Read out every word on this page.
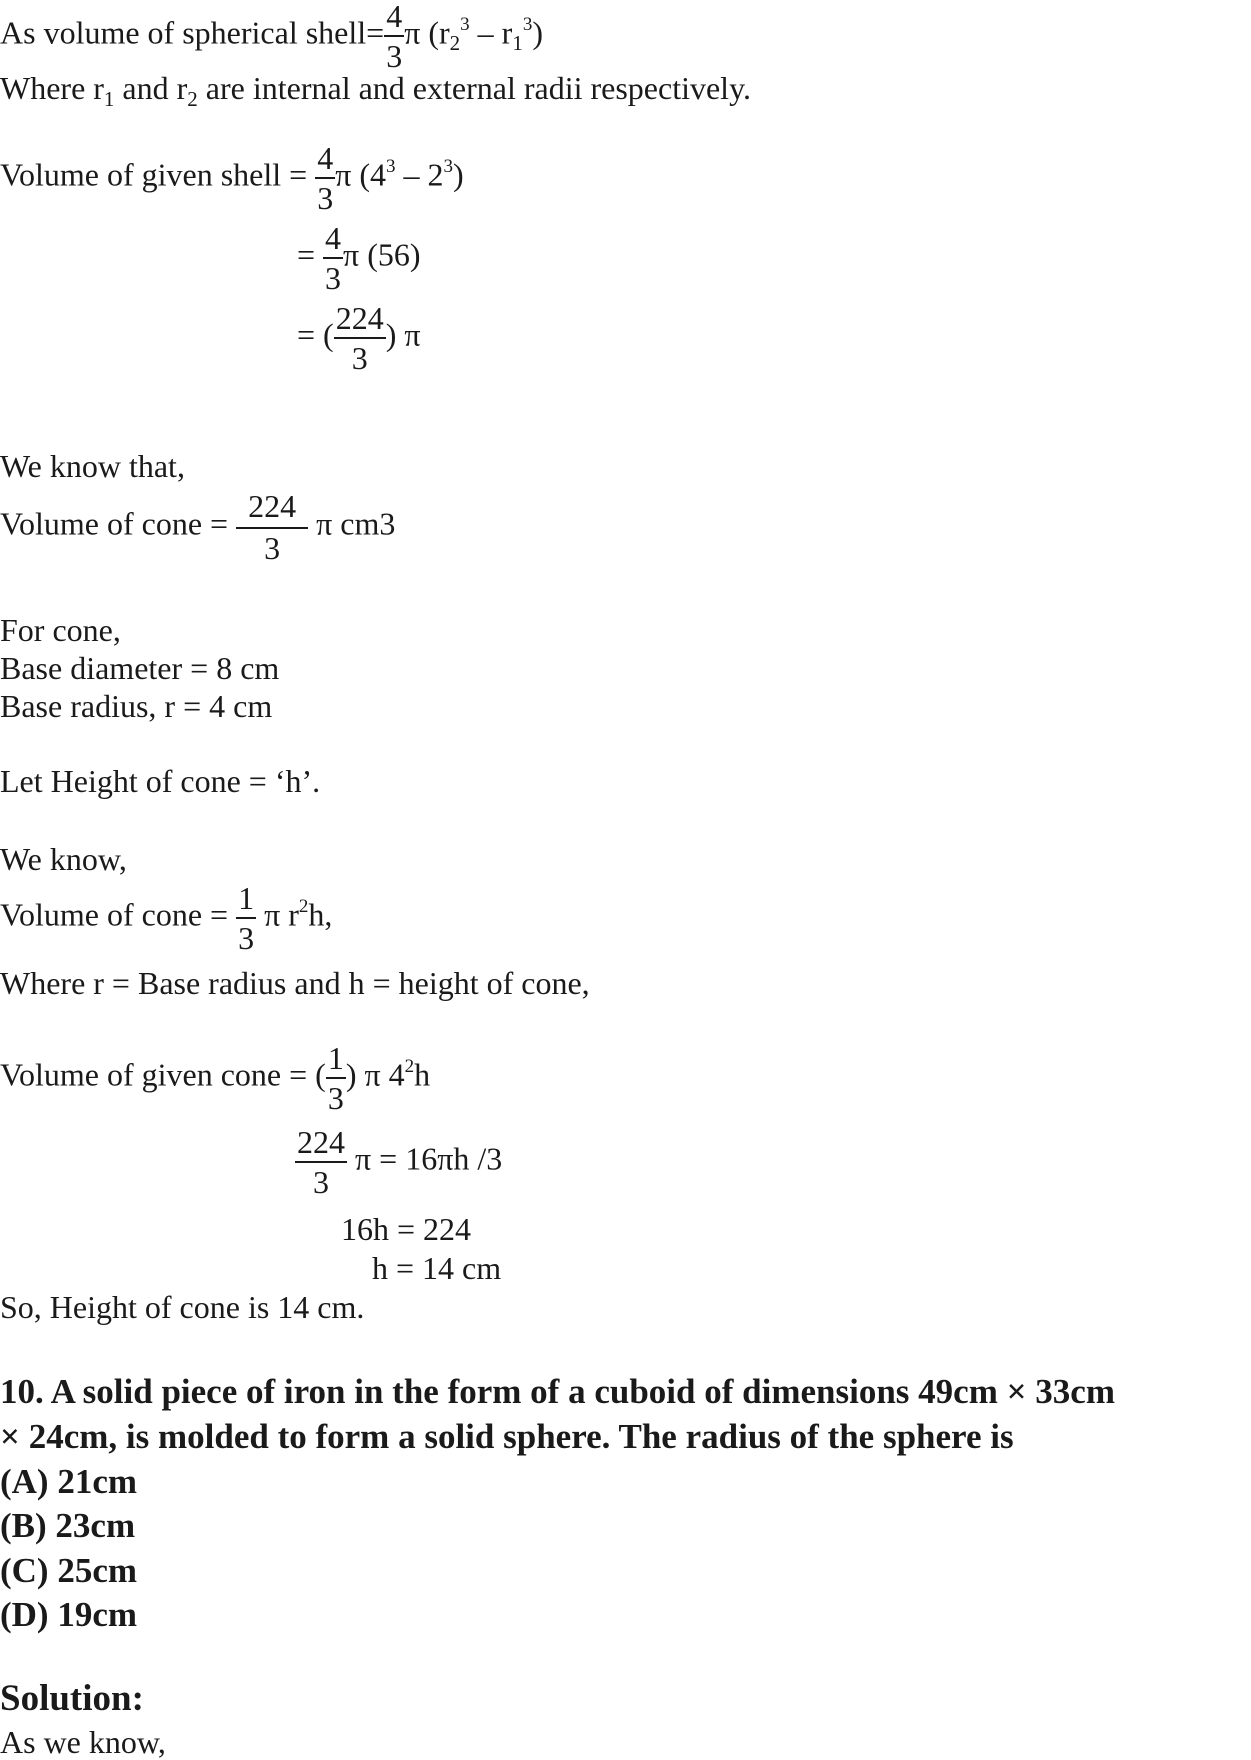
As volume of spherical shell= $\frac{4}{3}$ π $(r_2^3 - r_1^3)$
Where $r_1$ and $r_2$ are internal and external radii respectively.
Volume of given shell = $\frac{4}{3}$ π $(4^3 - 2^3)$
= $\frac{4}{3}$ π (56)
= ( $\frac{224}{3}$ ) π
We know that,
Volume of cone = $\frac{224}{3}$ π cm3
For cone,
Base diameter = 8 cm
Base radius, r = 4 cm
Let Height of cone = ‘h’.
We know,
Volume of cone = $\frac{1}{3}$ π $r^2h$,
Where r = Base radius and h = height of cone,
Volume of given cone = ( $\frac{1}{3}$ ) π $4^2h$
$\frac{224}{3}$ π = 16πh /3
16h = 224
h = 14 cm
So, Height of cone is 14 cm.
10. A solid piece of iron in the form of a cuboid of dimensions 49cm × 33cm
× 24cm, is molded to form a solid sphere. The radius of the sphere is
(A) 21cm
(B) 23cm
(C) 25cm
(D) 19cm
Solution:
As we know,
